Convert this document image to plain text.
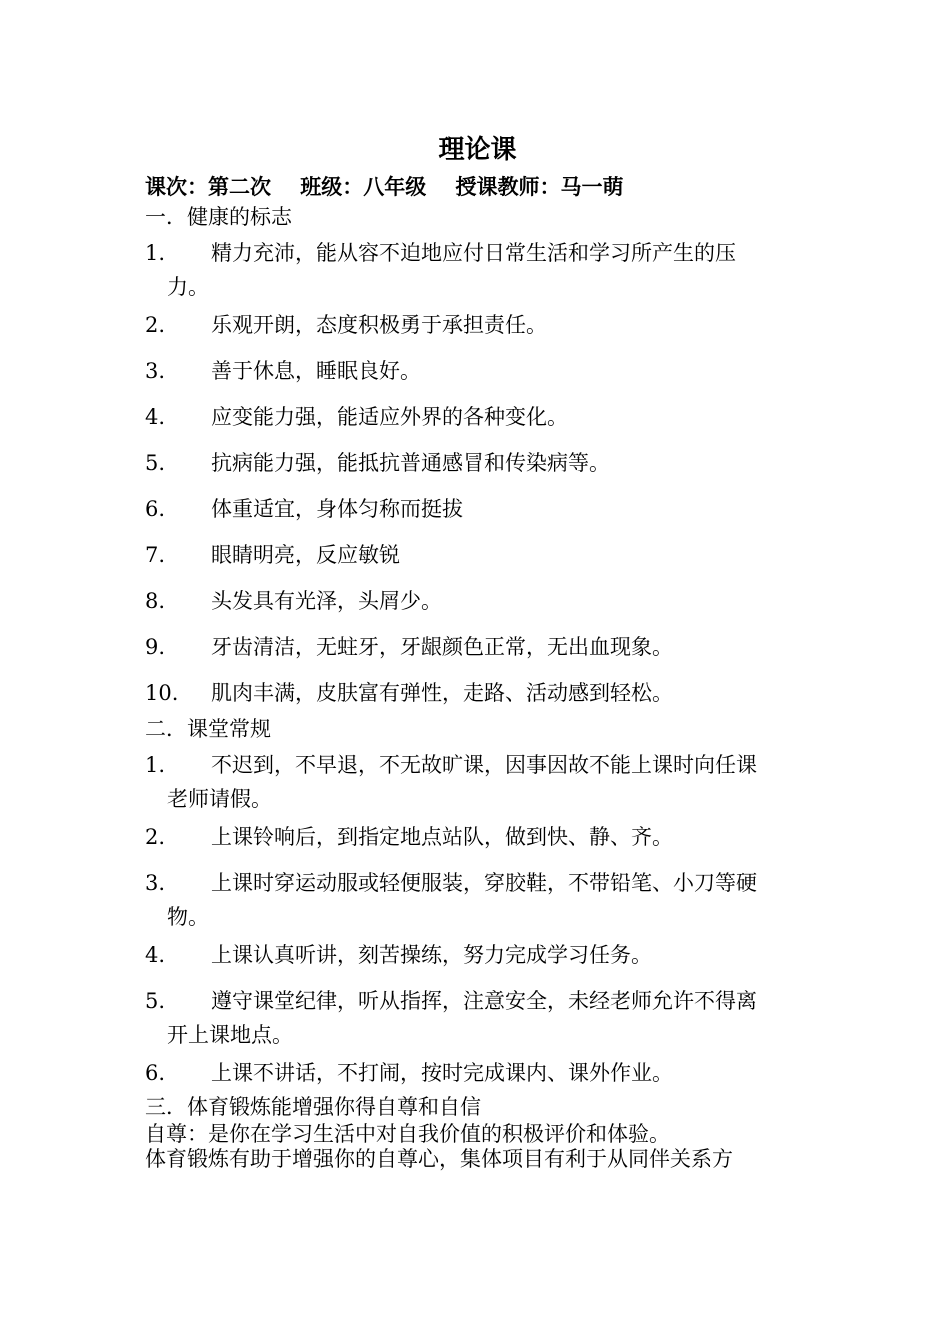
理论课
课次：第二次 班级：八年级 授课教师：马一萌
一．健康的标志
1. 精力充沛，能从容不迫地应付日常生活和学习所产生的压
力。
2. 乐观开朗，态度积极勇于承担责任。
3. 善于休息，睡眠良好。
4. 应变能力强，能适应外界的各种变化。
5. 抗病能力强，能抵抗普通感冒和传染病等。
6. 体重适宜，身体匀称而挺拔
7. 眼睛明亮，反应敏锐
8. 头发具有光泽，头屑少。
9. 牙齿清洁，无蛀牙，牙龈颜色正常，无出血现象。
10. 肌肉丰满，皮肤富有弹性，走路、活动感到轻松。
二．课堂常规
1. 不迟到，不早退，不无故旷课，因事因故不能上课时向任课
老师请假。
2. 上课铃响后，到指定地点站队，做到快、静、齐。
3. 上课时穿运动服或轻便服装，穿胶鞋，不带铅笔、小刀等硬
物。
4. 上课认真听讲，刻苦操练，努力完成学习任务。
5. 遵守课堂纪律，听从指挥，注意安全，未经老师允许不得离
开上课地点。
6. 上课不讲话，不打闹，按时完成课内、课外作业。
三．体育锻炼能增强你得自尊和自信

自尊：是你在学习生活中对自我价值的积极评价和体验。

体育锻炼有助于增强你的自尊心，集体项目有利于从同伴关系方
